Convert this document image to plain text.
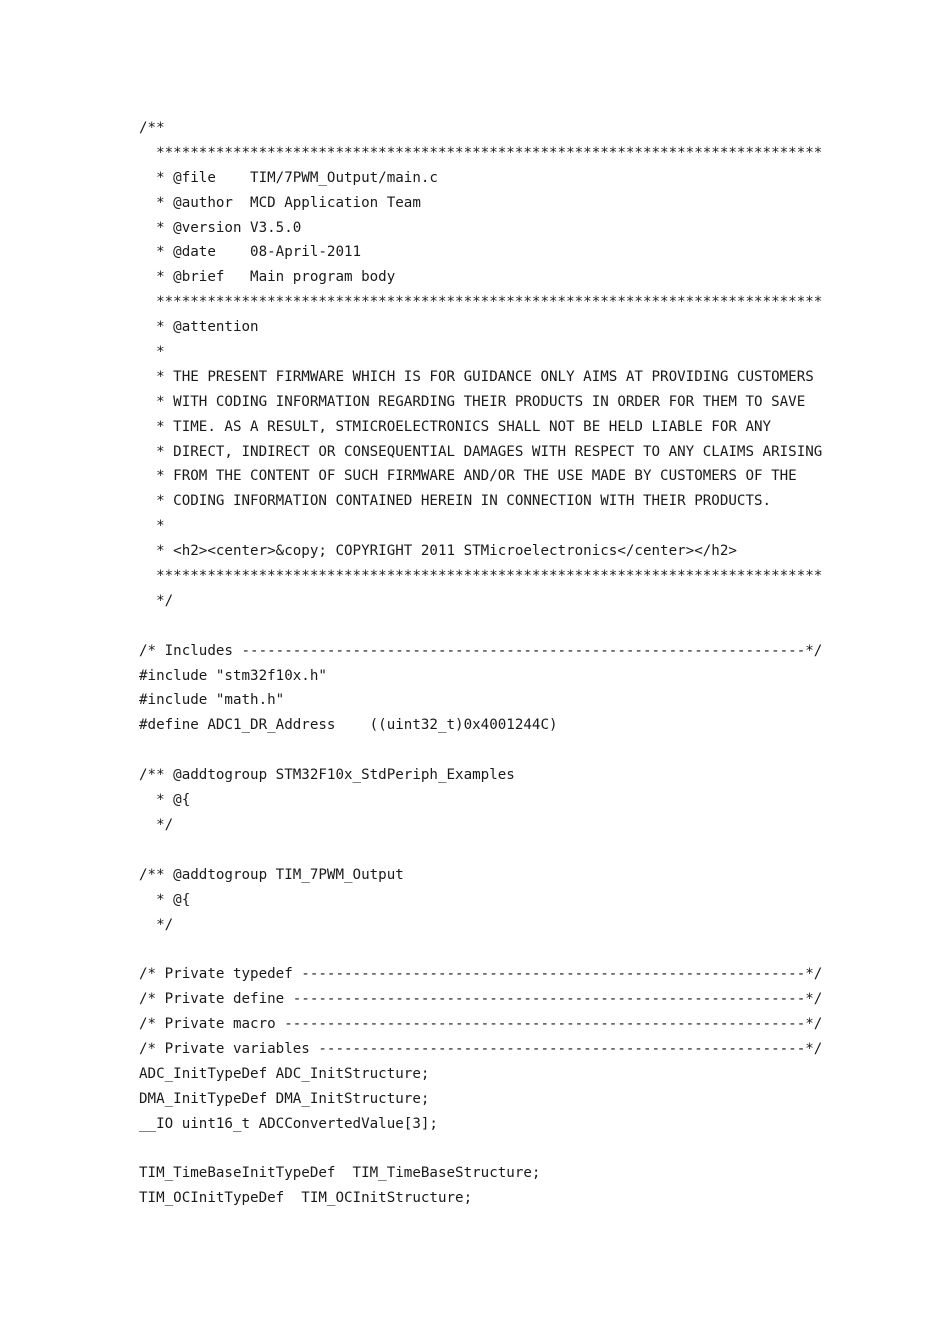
/**
******************************************************************************
* @file    TIM/7PWM_Output/main.c
* @author  MCD Application Team
* @version V3.5.0
* @date    08-April-2011
* @brief   Main program body
******************************************************************************
* @attention
*
* THE PRESENT FIRMWARE WHICH IS FOR GUIDANCE ONLY AIMS AT PROVIDING CUSTOMERS
* WITH CODING INFORMATION REGARDING THEIR PRODUCTS IN ORDER FOR THEM TO SAVE
* TIME. AS A RESULT, STMICROELECTRONICS SHALL NOT BE HELD LIABLE FOR ANY
* DIRECT, INDIRECT OR CONSEQUENTIAL DAMAGES WITH RESPECT TO ANY CLAIMS ARISING
* FROM THE CONTENT OF SUCH FIRMWARE AND/OR THE USE MADE BY CUSTOMERS OF THE
* CODING INFORMATION CONTAINED HEREIN IN CONNECTION WITH THEIR PRODUCTS.
*
* <h2><center>&copy; COPYRIGHT 2011 STMicroelectronics</center></h2>
******************************************************************************
*/

/* Includes ------------------------------------------------------------------*/
#include "stm32f10x.h"
#include "math.h"
#define ADC1_DR_Address    ((uint32_t)0x4001244C)

/** @addtogroup STM32F10x_StdPeriph_Examples
* @{
*/

/** @addtogroup TIM_7PWM_Output
* @{
*/

/* Private typedef -----------------------------------------------------------*/
/* Private define ------------------------------------------------------------*/
/* Private macro -------------------------------------------------------------*/
/* Private variables ---------------------------------------------------------*/
ADC_InitTypeDef ADC_InitStructure;
DMA_InitTypeDef DMA_InitStructure;
__IO uint16_t ADCConvertedValue[3];

TIM_TimeBaseInitTypeDef  TIM_TimeBaseStructure;
TIM_OCInitTypeDef  TIM_OCInitStructure;
